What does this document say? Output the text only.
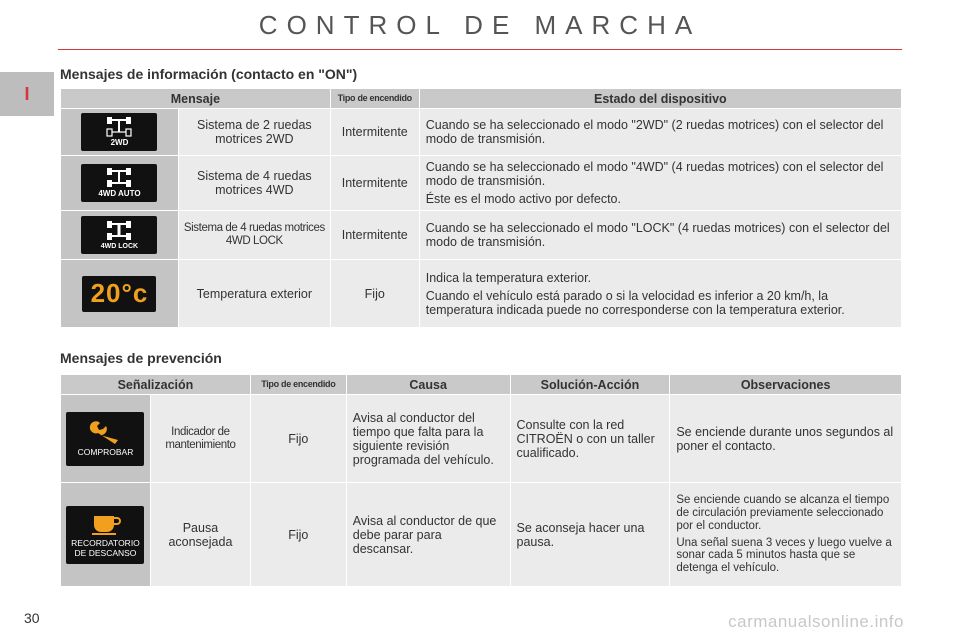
CONTROL DE MARCHA
I
Mensajes de información (contacto en "ON")
Mensaje		Tipo de encendido	Estado del dispositivo

2WD	Sistema de 2 ruedas motrices 2WD	Intermitente	Cuando se ha seleccionado el modo "2WD" (2 ruedas motrices) con el selector del modo de transmisión.

4WD AUTO	Sistema de 4 ruedas motrices 4WD	Intermitente	Cuando se ha seleccionado el modo "4WD" (4 ruedas motrices) con el selector del modo de transmisión.

Éste es el modo activo por defecto.

4WD LOCK	Sistema de 4 ruedas motrices 4WD LOCK	Intermitente	Cuando se ha seleccionado el modo "LOCK" (4 ruedas motrices) con el selector del modo de transmisión.

20°c	Temperatura exterior	Fijo	Indica la temperatura exterior.

Cuando el vehículo está parado o si la velocidad es inferior a 20 km/h, la temperatura indicada puede no corresponderse con la temperatura exterior.

Mensajes de prevención
Señalización		Tipo de encendido	Causa	Solución-Acción	Observaciones

COMPROBAR	Indicador de mantenimiento	Fijo	Avisa al conductor del tiempo que falta para la siguiente revisión programada del vehículo.	Consulte con la red CITROËN o con un taller cualificado.	Se enciende durante unos segundos al poner el contacto.

RECORDATORIO DE DESCANSO	Pausa aconsejada	Fijo	Avisa al conductor de que debe parar para descansar.	Se aconseja hacer una pausa.	Se enciende cuando se alcanza el tiempo de circulación previamente seleccionado por el conductor.

Una señal suena 3 veces y luego vuelve a sonar cada 5 minutos hasta que se detenga el vehículo.

30	carmanualsonline.info
